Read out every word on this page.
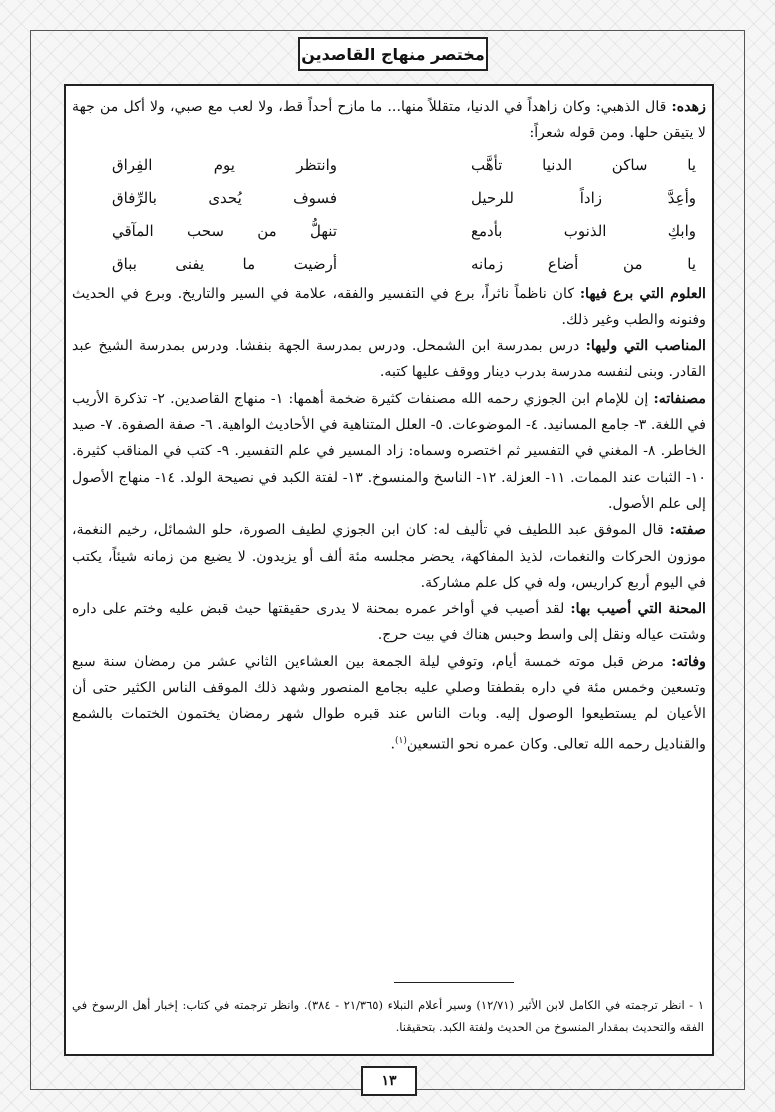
مختصر منهاج القاصدين

زهده: قال الذهبي: وكان زاهداً في الدنيا، متقللاً منها... ما مازح أحداً قط، ولا لعب مع صبي، ولا أكل من جهة لا يتيقن حلها. ومن قوله شعراً:

يا ساكن الدنيا تأهَّب
وانتظر يوم الفِراق
وأعِدَّ زاداً للرحيل
فسوف يُحدى بالرِّفاق
وابكِ الذنوب بأدمع
تنهلُّ من سحب المآقي
يا من أضاع زمانه
أرضيت ما يفنى بباق

العلوم التي برع فيها: كان ناظماً ناثراً، برع في التفسير والفقه، علامة في السير والتاريخ. وبرع في الحديث وفنونه والطب وغير ذلك.

المناصب التي وليها: درس بمدرسة ابن الشمحل. ودرس بمدرسة الجهة بنفشا. ودرس بمدرسة الشيخ عبد القادر. وبنى لنفسه مدرسة بدرب دينار ووقف عليها كتبه.

مصنفاته: إن للإمام ابن الجوزي رحمه الله مصنفات كثيرة ضخمة أهمها: ١- منهاج القاصدين. ٢- تذكرة الأريب في اللغة. ٣- جامع المسانيد. ٤- الموضوعات. ٥- العلل المتناهية في الأحاديث الواهية. ٦- صفة الصفوة. ٧- صيد الخاطر. ٨- المغني في التفسير ثم اختصره وسماه: زاد المسير في علم التفسير. ٩- كتب في المناقب كثيرة. ١٠- الثبات عند الممات. ١١- العزلة. ١٢- الناسخ والمنسوخ. ١٣- لفتة الكبد في نصيحة الولد. ١٤- منهاج الأصول إلى علم الأصول.

صفته: قال الموفق عبد اللطيف في تأليف له: كان ابن الجوزي لطيف الصورة، حلو الشمائل، رخيم النغمة، موزون الحركات والنغمات، لذيذ المفاكهة، يحضر مجلسه مئة ألف أو يزيدون. لا يضيع من زمانه شيئاً، يكتب في اليوم أربع كراريس، وله في كل علم مشاركة.

المحنة التي أصيب بها: لقد أصيب في أواخر عمره بمحنة لا يدرى حقيقتها حيث قبض عليه وختم على داره وشتت عياله ونقل إلى واسط وحبس هناك في بيت حرج.

وفاته: مرض قبل موته خمسة أيام، وتوفي ليلة الجمعة بين العشاءين الثاني عشر من رمضان سنة سبع وتسعين وخمس مئة في داره بقطفتا وصلي عليه بجامع المنصور وشهد ذلك الموقف الناس الكثير حتى أن الأعيان لم يستطيعوا الوصول إليه. وبات الناس عند قبره طوال شهر رمضان يختمون الختمات بالشمع والقناديل رحمه الله تعالى. وكان عمره نحو التسعين$^{(١)}$.

١ - انظر ترجمته في الكامل لابن الأثير (١٢/٧١) وسير أعلام النبلاء (٢١/٣٦٥ - ٣٨٤). وانظر ترجمته في كتاب: إخبار أهل الرسوخ في الفقه والتحديث بمقدار المنسوخ من الحديث ولفتة الكبد. بتحقيقنا.
١٣
